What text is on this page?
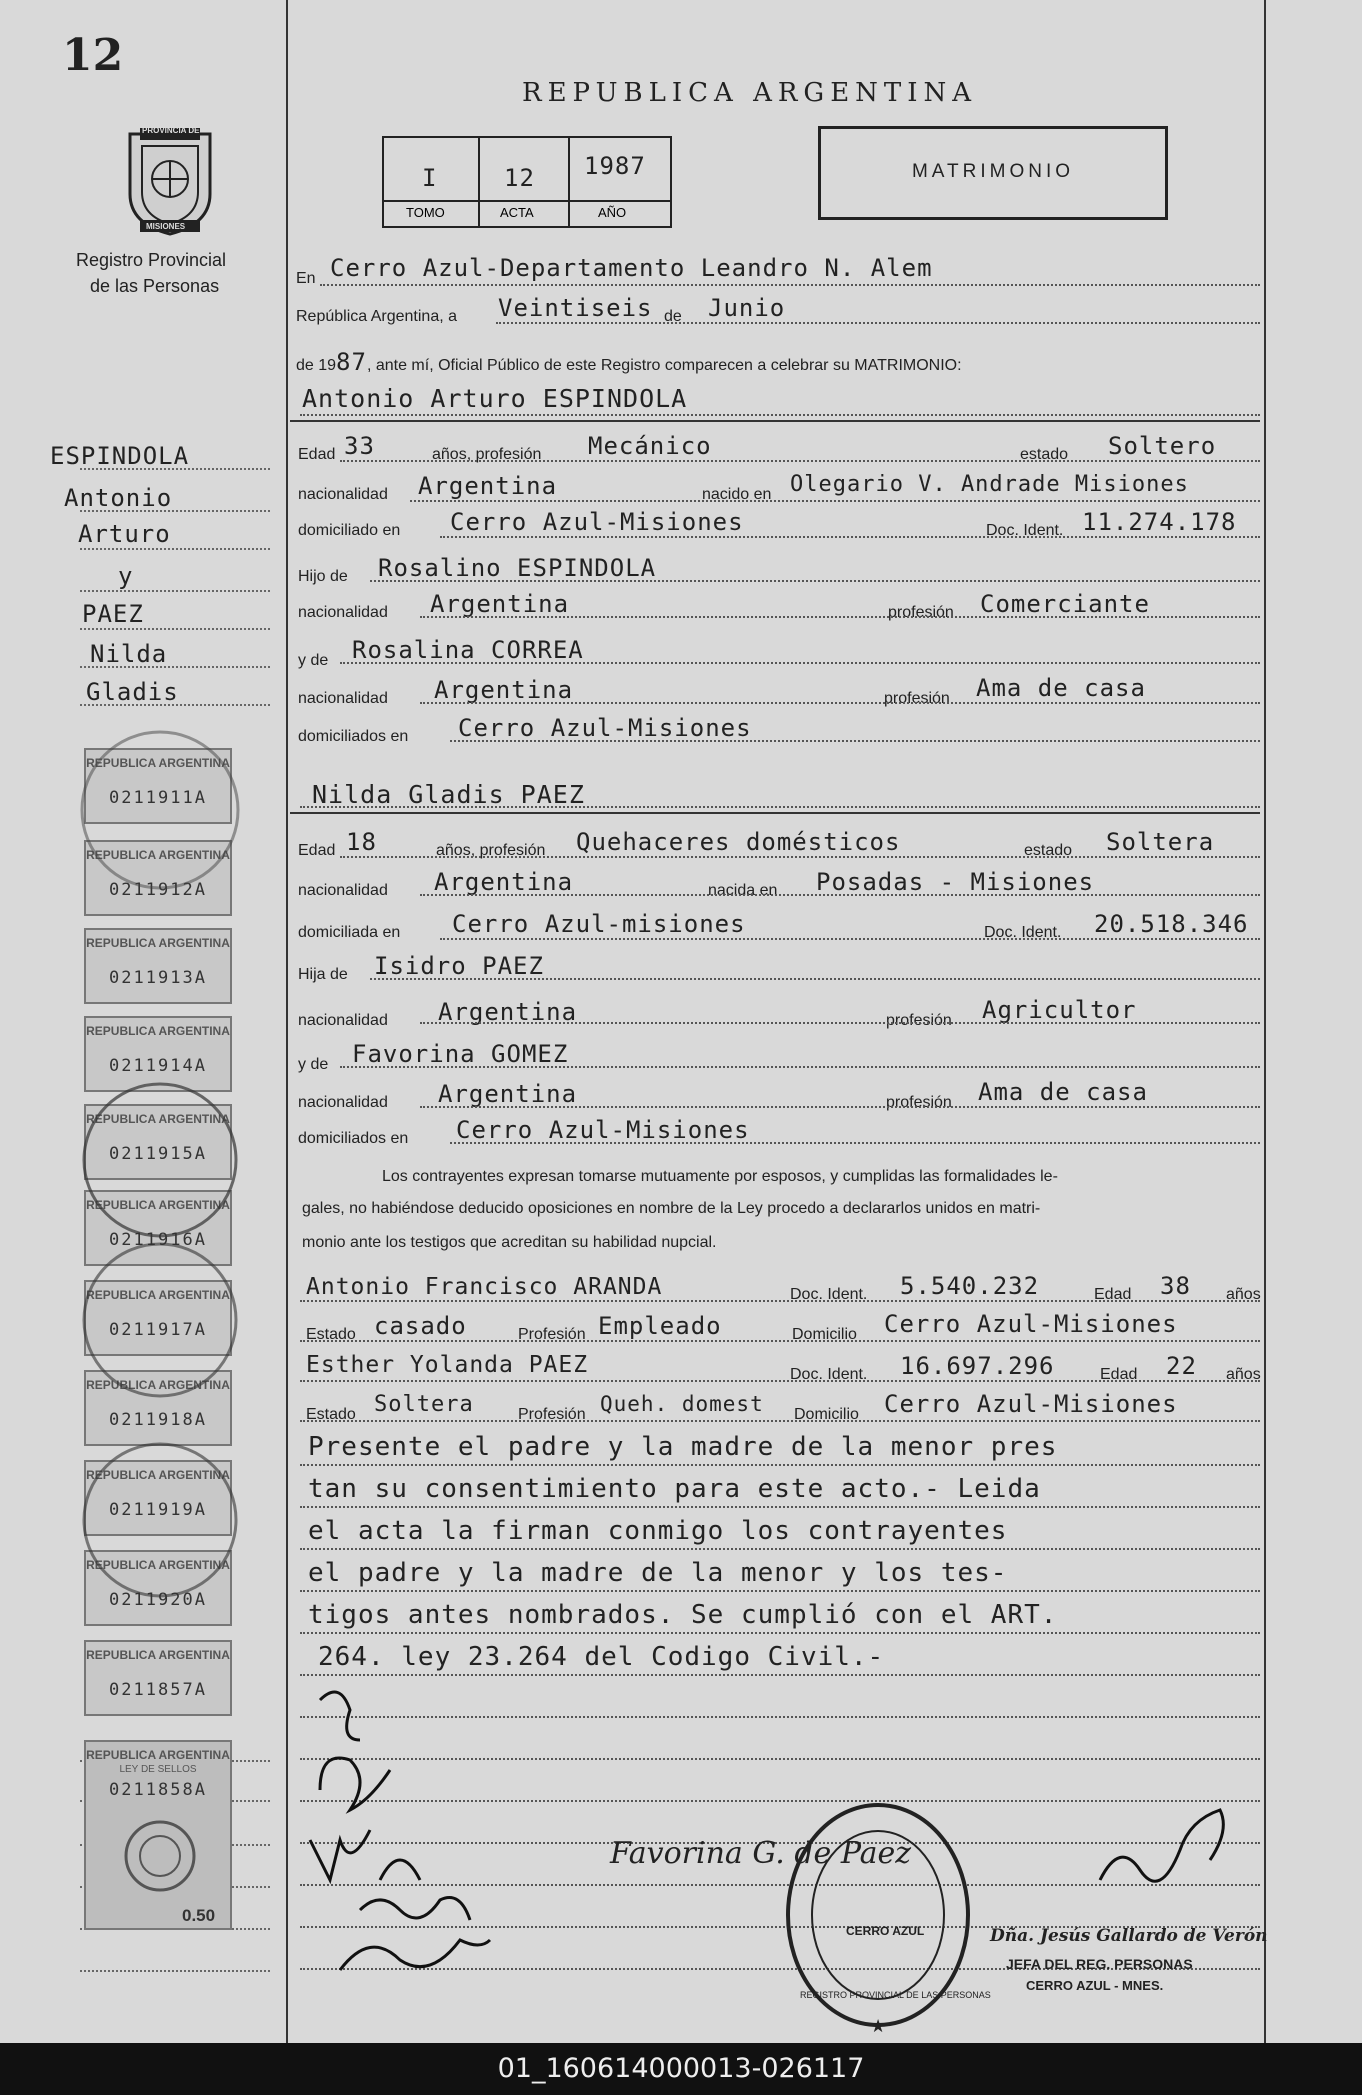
12
PROVINCIA DE
MISIONES
Registro Provincial
de las Personas
REPUBLICA ARGENTINA
I	12 1987
TOMO	ACTA	AÑO
MATRIMONIO
En Cerro Azul-Departamento Leandro N. Alem
República Argentina, a Veintiseis de Junio
de 1987, ante mí, Oficial Público de este Registro comparecen a celebrar su MATRIMONIO:
Antonio Arturo ESPINDOLA
Edad 33	años, profesión Mecánico	estado Soltero
nacionalidad Argentina	nacido en Olegario V. Andrade Misiones
domiciliado en Cerro Azul-Misiones	Doc. Ident. 11.274.178
Hijo de Rosalino ESPINDOLA
nacionalidad Argentina	profesión Comerciante
y de Rosalina CORREA
nacionalidad Argentina	profesión Ama de casa
domiciliados en Cerro Azul-Misiones
Nilda Gladis PAEZ
Edad 18	años, profesión Quehaceres domésticos	estado Soltera
nacionalidad Argentina	nacida en Posadas - Misiones
domiciliada en Cerro Azul-misiones	Doc. Ident. 20.518.346
Hija de Isidro PAEZ
nacionalidad Argentina	profesión Agricultor
y de Favorina GOMEZ
nacionalidad Argentina	profesión Ama de casa
domiciliados en Cerro Azul-Misiones
Los contrayentes expresan tomarse mutuamente por esposos, y cumplidas las formalidades le-
gales, no habiéndose deducido oposiciones en nombre de la Ley procedo a declararlos unidos en matri-
monio ante los testigos que acreditan su habilidad nupcial.
Antonio Francisco ARANDA	Doc. Ident. 5.540.232	Edad 38 años
Estado casado	Profesión Empleado	Domicilio Cerro Azul-Misiones
Esther Yolanda PAEZ	Doc. Ident. 16.697.296	Edad 22 años
Estado Soltera	Profesión Queh. domest Domicilio Cerro Azul-Misiones
Presente el padre y la madre de la menor pres
tan su consentimiento para este acto.- Leida
el acta la firman conmigo los contrayentes
el padre y la madre de la menor y los tes-
tigos antes nombrados. Se cumplió con el ART.
264. ley 23.264 del Codigo Civil.-
ESPINDOLA
Antonio
Arturo
y
PAEZ
Nilda
Gladis
REPUBLICA ARGENTINA
0211911A
REPUBLICA ARGENTINA
0211912A
REPUBLICA ARGENTINA
0211913A
REPUBLICA ARGENTINA
0211914A
REPUBLICA ARGENTINA
0211915A
REPUBLICA ARGENTINA
0211916A
REPUBLICA ARGENTINA
0211917A
REPUBLICA ARGENTINA
0211918A
REPUBLICA ARGENTINA
0211919A
REPUBLICA ARGENTINA
0211920A
REPUBLICA ARGENTINA
0211857A
REPUBLICA ARGENTINA
LEY DE SELLOS
0211858A
0.50
Favorina G. de Paez
★
CERRO AZUL
REGISTRO PROVINCIAL DE LAS PERSONAS
Dña. Jesús Gallardo de Verón
JEFA DEL REG. PERSONAS
CERRO AZUL - MNES.
01_160614000013-026117
